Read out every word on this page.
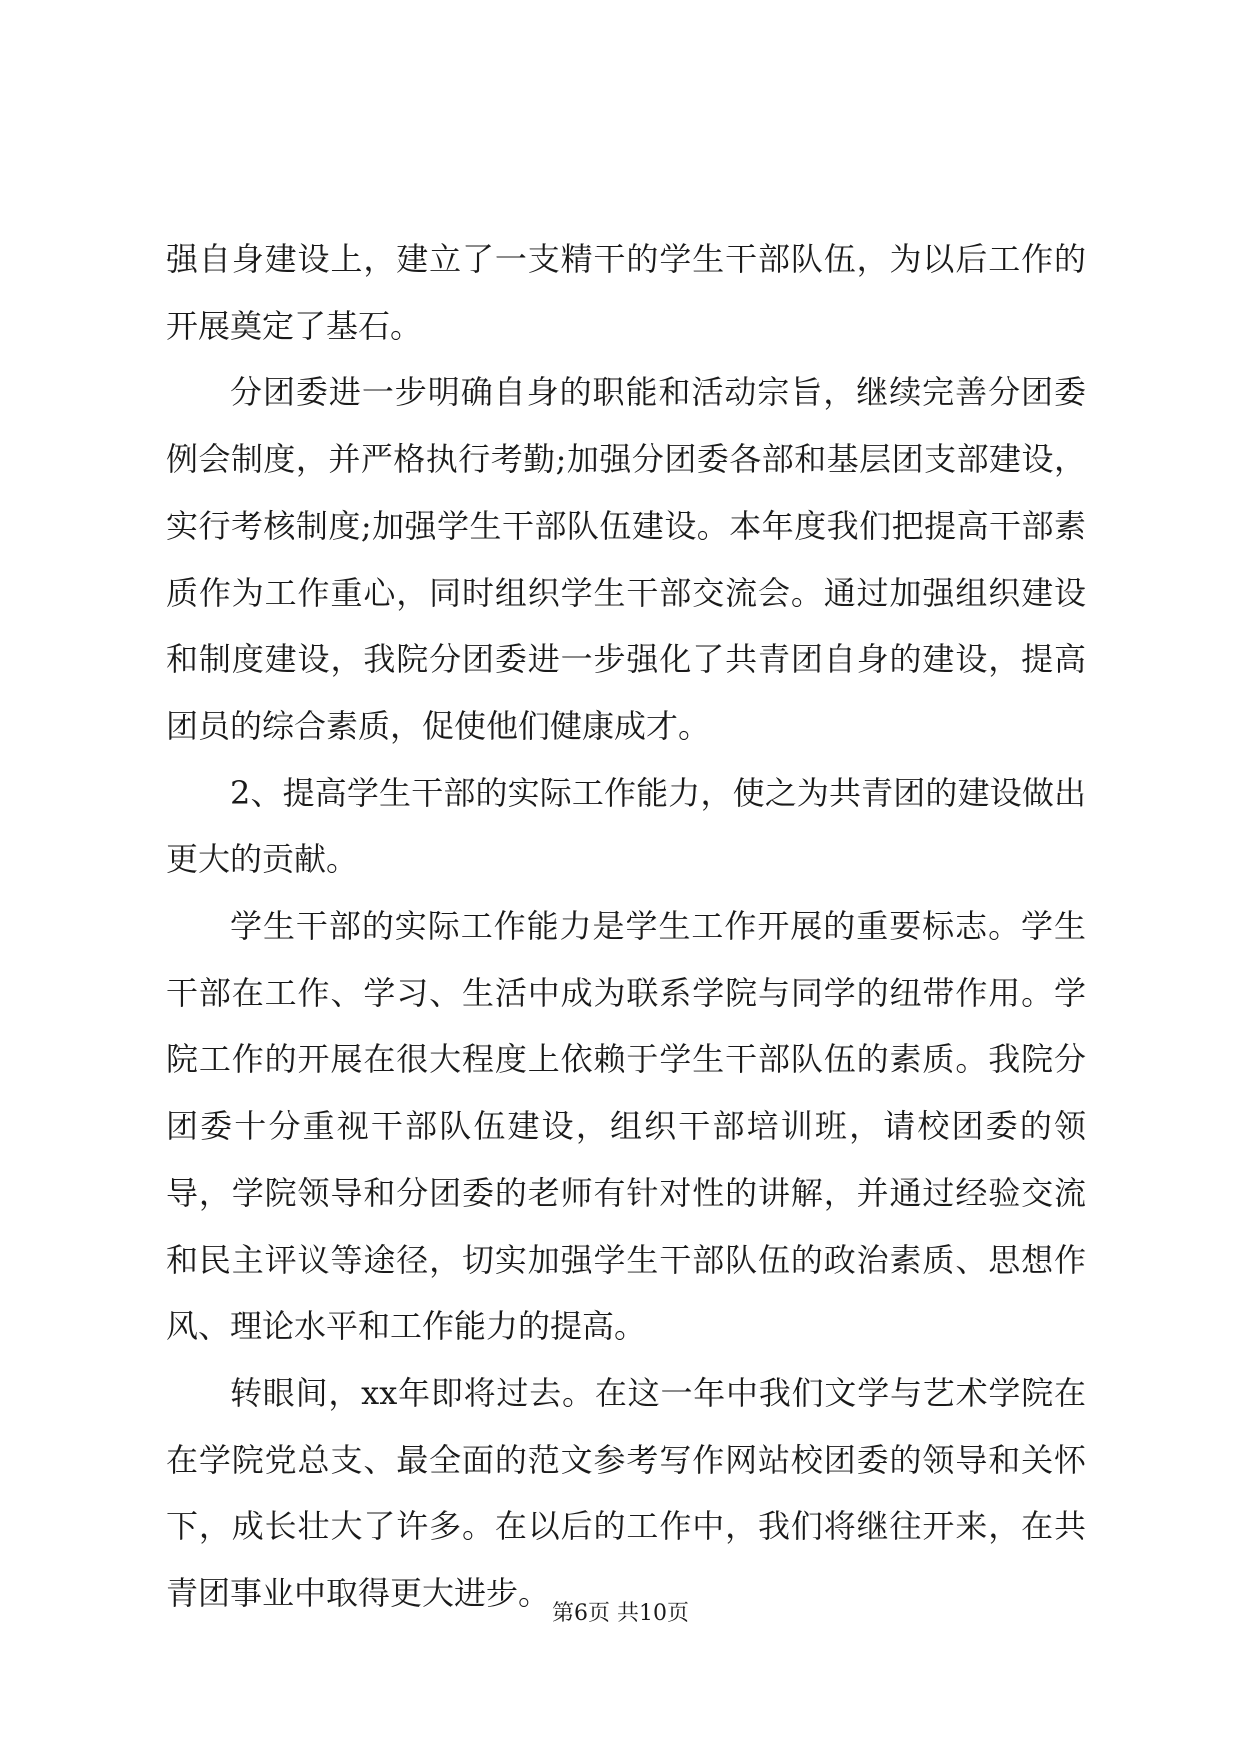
强自身建设上，建立了一支精干的学生干部队伍，为以后工作的开展奠定了基石。

分团委进一步明确自身的职能和活动宗旨，继续完善分团委例会制度，并严格执行考勤;加强分团委各部和基层团支部建设，实行考核制度;加强学生干部队伍建设。本年度我们把提高干部素质作为工作重心，同时组织学生干部交流会。通过加强组织建设和制度建设，我院分团委进一步强化了共青团自身的建设，提高团员的综合素质，促使他们健康成才。

2、提高学生干部的实际工作能力，使之为共青团的建设做出更大的贡献。

学生干部的实际工作能力是学生工作开展的重要标志。学生干部在工作、学习、生活中成为联系学院与同学的纽带作用。学院工作的开展在很大程度上依赖于学生干部队伍的素质。我院分团委十分重视干部队伍建设，组织干部培训班，请校团委的领导，学院领导和分团委的老师有针对性的讲解，并通过经验交流和民主评议等途径，切实加强学生干部队伍的政治素质、思想作风、理论水平和工作能力的提高。

转眼间，xx年即将过去。在这一年中我们文学与艺术学院在在学院党总支、最全面的范文参考写作网站校团委的领导和关怀下，成长壮大了许多。在以后的工作中，我们将继往开来，在共青团事业中取得更大进步。

第6页 共10页
